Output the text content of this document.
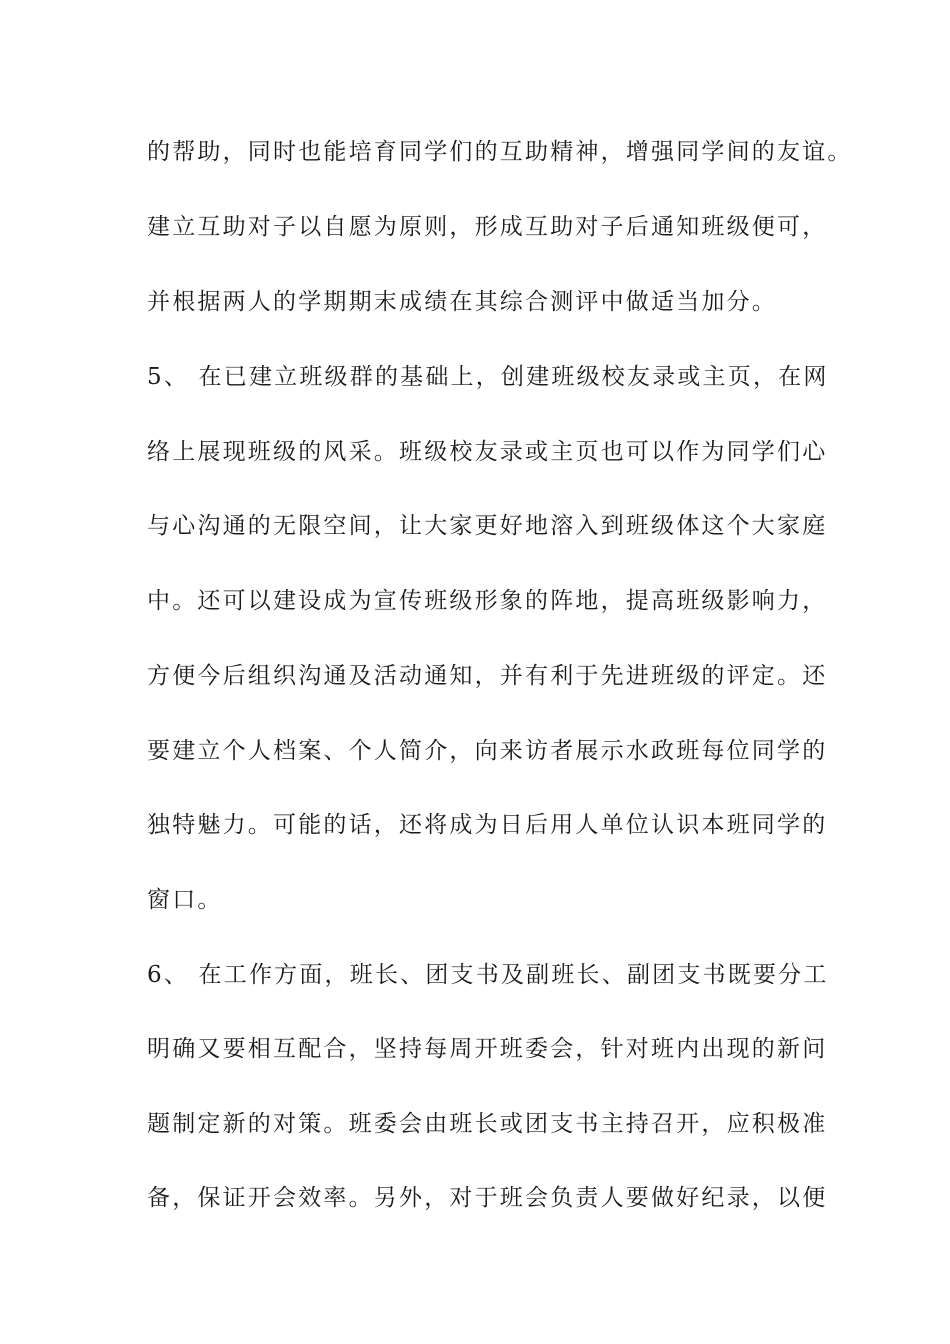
的帮助，同时也能培育同学们的互助精神，增强同学间的友谊。
建立互助对子以自愿为原则，形成互助对子后通知班级便可，
并根据两人的学期期末成绩在其综合测评中做适当加分。
5、 在已建立班级群的基础上，创建班级校友录或主页，在网
络上展现班级的风采。班级校友录或主页也可以作为同学们心
与心沟通的无限空间，让大家更好地溶入到班级体这个大家庭
中。还可以建设成为宣传班级形象的阵地，提高班级影响力，
方便今后组织沟通及活动通知，并有利于先进班级的评定。还
要建立个人档案、个人简介，向来访者展示水政班每位同学的
独特魅力。可能的话，还将成为日后用人单位认识本班同学的
窗口。
6、 在工作方面，班长、团支书及副班长、副团支书既要分工
明确又要相互配合，坚持每周开班委会，针对班内出现的新问
题制定新的对策。班委会由班长或团支书主持召开，应积极准
备，保证开会效率。另外，对于班会负责人要做好纪录，以便
